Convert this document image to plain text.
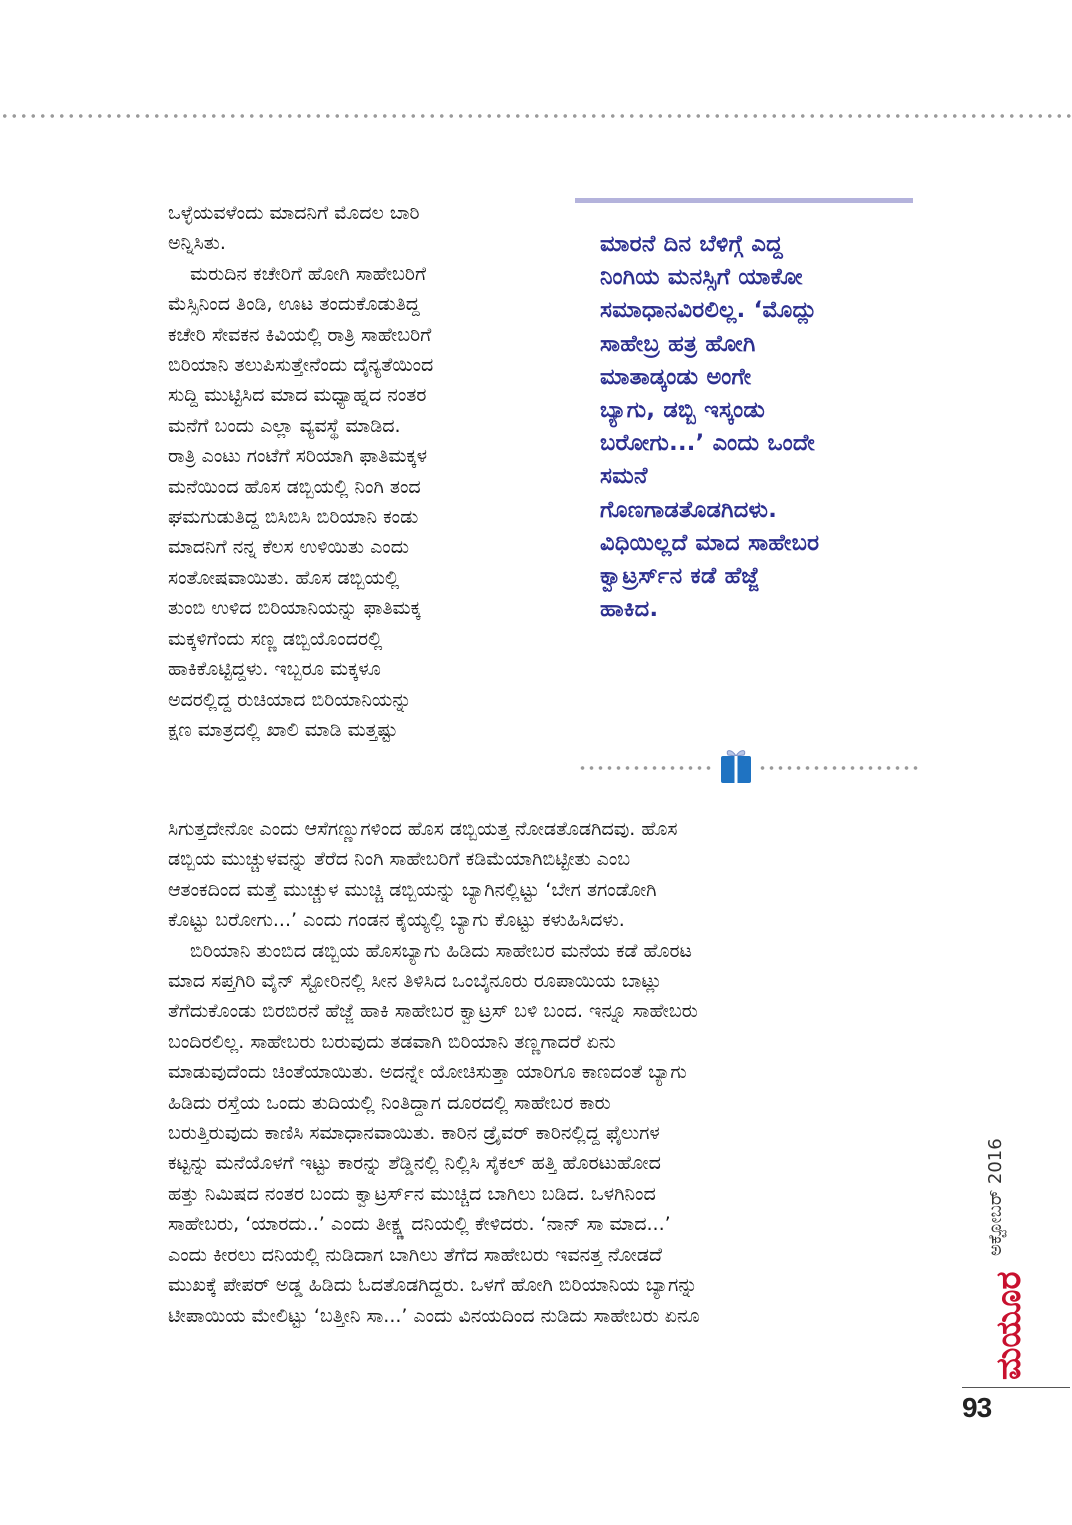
ಒಳ್ಳೆಯವಳೆಂದು ಮಾದನಿಗೆ ಮೊದಲ ಬಾರಿ
ಅನ್ನಿಸಿತು.
ಮರುದಿನ ಕಚೇರಿಗೆ ಹೋಗಿ ಸಾಹೇಬರಿಗೆ
ಮೆಸ್ಸಿನಿಂದ ತಿಂಡಿ, ಊಟ ತಂದುಕೊಡುತಿದ್ದ
ಕಚೇರಿ ಸೇವಕನ ಕಿವಿಯಲ್ಲಿ ರಾತ್ರಿ ಸಾಹೇಬರಿಗೆ
ಬಿರಿಯಾನಿ ತಲುಪಿಸುತ್ತೇನೆಂದು ದೈನ್ಯತೆಯಿಂದ
ಸುದ್ದಿ ಮುಟ್ಟಿಸಿದ ಮಾದ ಮಧ್ಯಾಹ್ನದ ನಂತರ
ಮನೆಗೆ ಬಂದು ಎಲ್ಲಾ ವ್ಯವಸ್ಥೆ ಮಾಡಿದ.
ರಾತ್ರಿ ಎಂಟು ಗಂಟೆಗೆ ಸರಿಯಾಗಿ ಫಾತಿಮಕ್ಕಳ
ಮನೆಯಿಂದ ಹೊಸ ಡಬ್ಬಿಯಲ್ಲಿ ನಿಂಗಿ ತಂದ
ಘಮಗುಡುತಿದ್ದ ಬಿಸಿಬಿಸಿ ಬಿರಿಯಾನಿ ಕಂಡು
ಮಾದನಿಗೆ ನನ್ನ ಕೆಲಸ ಉಳಿಯಿತು ಎಂದು
ಸಂತೋಷವಾಯಿತು. ಹೊಸ ಡಬ್ಬಿಯಲ್ಲಿ
ತುಂಬಿ ಉಳಿದ ಬಿರಿಯಾನಿಯನ್ನು ಫಾತಿಮಕ್ಕ
ಮಕ್ಕಳಿಗೆಂದು ಸಣ್ಣ ಡಬ್ಬಿಯೊಂದರಲ್ಲಿ
ಹಾಕಿಕೊಟ್ಟಿದ್ದಳು. ಇಬ್ಬರೂ ಮಕ್ಕಳೂ
ಅದರಲ್ಲಿದ್ದ ರುಚಿಯಾದ ಬಿರಿಯಾನಿಯನ್ನು
ಕ್ಷಣ ಮಾತ್ರದಲ್ಲಿ ಖಾಲಿ ಮಾಡಿ ಮತ್ತಷ್ಟು
ಮಾರನೆ ದಿನ ಬೆಳಿಗ್ಗೆ ಎದ್ದ
ನಿಂಗಿಯ ಮನಸ್ಸಿಗೆ ಯಾಕೋ
ಸಮಾಧಾನವಿರಲಿಲ್ಲ. ‘ಮೊದ್ಲು
ಸಾಹೇಬ್ರ ಹತ್ರ ಹೋಗಿ
ಮಾತಾಡ್ಕಂಡು ಅಂಗೇ
ಬ್ಯಾಗು, ಡಬ್ಬಿ ಇಸ್ಕಂಡು
ಬರೋಗು...’ ಎಂದು ಒಂದೇ
ಸಮನೆ
ಗೊಣಗಾಡತೊಡಗಿದಳು.
ವಿಧಿಯಿಲ್ಲದೆ ಮಾದ ಸಾಹೇಬರ
ಕ್ವಾಟ್ರರ್ಸ್‌ನ ಕಡೆ ಹೆಜ್ಜೆ
ಹಾಕಿದ.
ಸಿಗುತ್ತದೇನೋ ಎಂದು ಆಸೆಗಣ್ಣುಗಳಿಂದ ಹೊಸ ಡಬ್ಬಿಯತ್ತ ನೋಡತೊಡಗಿದವು. ಹೊಸ
ಡಬ್ಬಿಯ ಮುಚ್ಚುಳವನ್ನು ತೆರೆದ ನಿಂಗಿ ಸಾಹೇಬರಿಗೆ ಕಡಿಮೆಯಾಗಿಬಿಟ್ಟೀತು ಎಂಬ
ಆತಂಕದಿಂದ ಮತ್ತೆ ಮುಚ್ಚುಳ ಮುಚ್ಚಿ ಡಬ್ಬಿಯನ್ನು ಬ್ಯಾಗಿನಲ್ಲಿಟ್ಟು ‘ಬೇಗ ತಗಂಡೋಗಿ
ಕೊಟ್ಟು ಬರೋಗು...’ ಎಂದು ಗಂಡನ ಕೈಯ್ಯಲ್ಲಿ ಬ್ಯಾಗು ಕೊಟ್ಟು ಕಳುಹಿಸಿದಳು.
ಬಿರಿಯಾನಿ ತುಂಬಿದ ಡಬ್ಬಿಯ ಹೊಸಬ್ಯಾಗು ಹಿಡಿದು ಸಾಹೇಬರ ಮನೆಯ ಕಡೆ ಹೊರಟ
ಮಾದ ಸಪ್ತಗಿರಿ ವೈನ್ ಸ್ಟೋರಿನಲ್ಲಿ ಸೀನ ತಿಳಿಸಿದ ಒಂಬೈನೂರು ರೂಪಾಯಿಯ ಬಾಟ್ಲು
ತೆಗೆದುಕೊಂಡು ಬಿರಬಿರನೆ ಹೆಜ್ಜೆ ಹಾಕಿ ಸಾಹೇಬರ ಕ್ವಾಟ್ರಸ್ ಬಳಿ ಬಂದ. ಇನ್ನೂ ಸಾಹೇಬರು
ಬಂದಿರಲಿಲ್ಲ. ಸಾಹೇಬರು ಬರುವುದು ತಡವಾಗಿ ಬಿರಿಯಾನಿ ತಣ್ಣಗಾದರೆ ಏನು
ಮಾಡುವುದೆಂದು ಚಿಂತೆಯಾಯಿತು. ಅದನ್ನೇ ಯೋಚಿಸುತ್ತಾ ಯಾರಿಗೂ ಕಾಣದಂತೆ ಬ್ಯಾಗು
ಹಿಡಿದು ರಸ್ತೆಯ ಒಂದು ತುದಿಯಲ್ಲಿ ನಿಂತಿದ್ದಾಗ ದೂರದಲ್ಲಿ ಸಾಹೇಬರ ಕಾರು
ಬರುತ್ತಿರುವುದು ಕಾಣಿಸಿ ಸಮಾಧಾನವಾಯಿತು. ಕಾರಿನ ಡ್ರೈವರ್ ಕಾರಿನಲ್ಲಿದ್ದ ಫೈಲುಗಳ
ಕಟ್ಟನ್ನು ಮನೆಯೊಳಗೆ ಇಟ್ಟು ಕಾರನ್ನು ಶೆಡ್ಡಿನಲ್ಲಿ ನಿಲ್ಲಿಸಿ ಸೈಕಲ್ ಹತ್ತಿ ಹೊರಟುಹೋದ
ಹತ್ತು ನಿಮಿಷದ ನಂತರ ಬಂದು ಕ್ವಾಟ್ರರ್ಸ್‌ನ ಮುಚ್ಚಿದ ಬಾಗಿಲು ಬಡಿದ. ಒಳಗಿನಿಂದ
ಸಾಹೇಬರು, ‘ಯಾರದು..’ ಎಂದು ತೀಕ್ಷ್ಣ ದನಿಯಲ್ಲಿ ಕೇಳಿದರು. ‘ನಾನ್ ಸಾ ಮಾದ...’
ಎಂದು ಕೀರಲು ದನಿಯಲ್ಲಿ ನುಡಿದಾಗ ಬಾಗಿಲು ತೆಗೆದ ಸಾಹೇಬರು ಇವನತ್ತ ನೋಡದೆ
ಮುಖಕ್ಕೆ ಪೇಪರ್ ಅಡ್ಡ ಹಿಡಿದು ಓದತೊಡಗಿದ್ದರು. ಒಳಗೆ ಹೋಗಿ ಬಿರಿಯಾನಿಯ ಬ್ಯಾಗನ್ನು
ಟೀಪಾಯಿಯ ಮೇಲಿಟ್ಟು ‘ಬತ್ತೀನಿ ಸಾ...’ ಎಂದು ವಿನಯದಿಂದ ನುಡಿದು ಸಾಹೇಬರು ಏನೂ
ಅಕ್ಟೋಬರ್ 2016
ಮಯೂರ
93
